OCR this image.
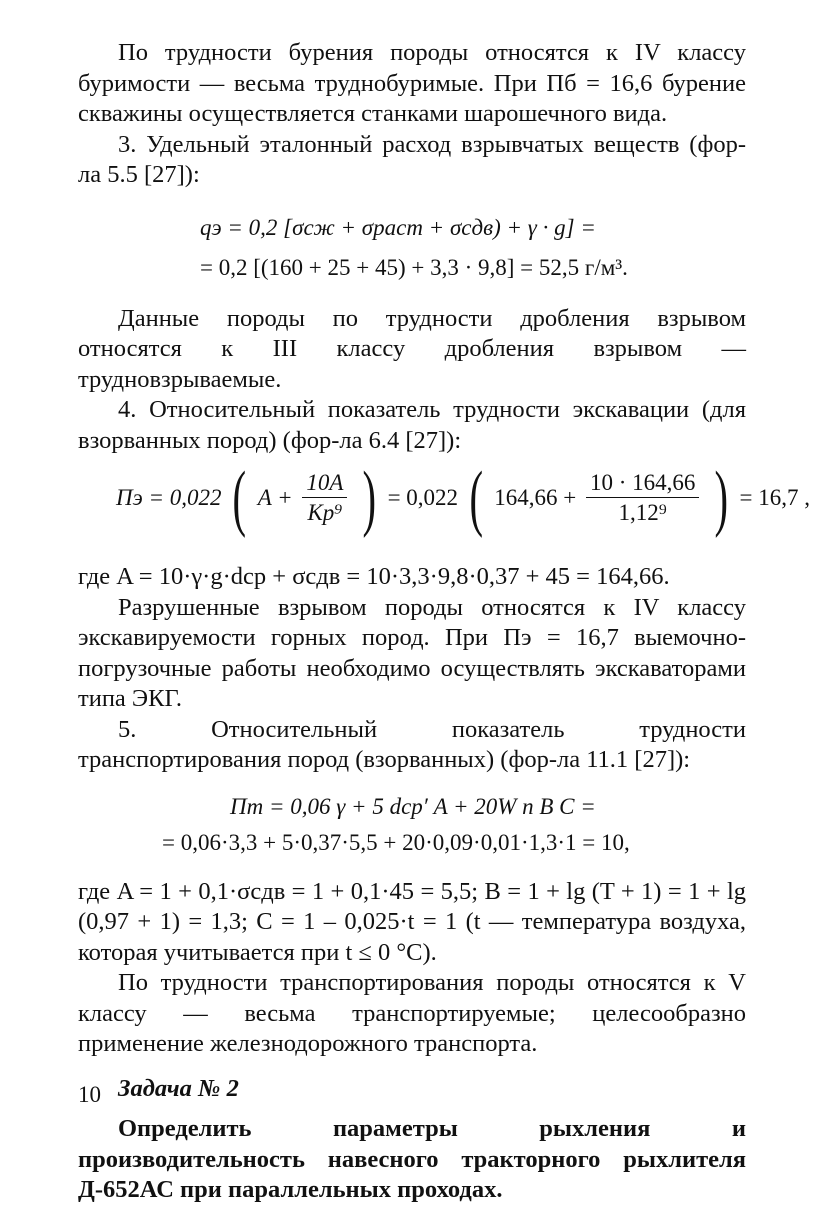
По трудности бурения породы относятся к IV классу буримости — весьма труднобуримые. При Пб = 16,6 бурение скважины осуществляется станками шарошечного вида.

3. Удельный эталонный расход взрывчатых веществ (фор-ла 5.5 [27]):

qэ = 0,2 [σсж + σраст + σсдв) + γ · g] =
= 0,2 [(160 + 25 + 45) + 3,3 · 9,8] = 52,5 г/м³.

Данные породы по трудности дробления взрывом относятся к III классу дробления взрывом — трудновзрываемые.

4. Относительный показатель трудности экскавации (для взорванных пород) (фор-ла 6.4 [27]):

Пэ = 0,022 ( $A + \frac{10A}{\text{Kр⁹}}$ ) = 0,022 ( $164,66 + \frac{10 \cdot 164,66}{\text{1,12⁹}}$ ) = 16,7 ,

где A = 10·γ·g·dср + σсдв = 10·3,3·9,8·0,37 + 45 = 164,66.

Разрушенные взрывом породы относятся к IV классу экскавируемости горных пород. При Пэ = 16,7 выемочно-погрузочные работы необходимо осуществлять экскаваторами типа ЭКГ.

5. Относительный показатель трудности транспортирования пород (взорванных) (фор-ла 11.1 [27]):

Пт = 0,06 γ + 5 dср′ A + 20W n B C =
= 0,06·3,3 + 5·0,37·5,5 + 20·0,09·0,01·1,3·1 = 10,

где A = 1 + 0,1·σсдв = 1 + 0,1·45 = 5,5; B = 1 + lg (T + 1) = 1 + lg (0,97 + 1) = 1,3; C = 1 – 0,025·t = 1 (t — температура воздуха, которая учитывается при t ≤ 0 °С).

По трудности транспортирования породы относятся к V классу — весьма транспортируемые; целесообразно применение железнодорожного транспорта.

Задача № 2

Определить параметры рыхления и производительность навесного тракторного рыхлителя Д-652АС при параллельных проходах.

10
